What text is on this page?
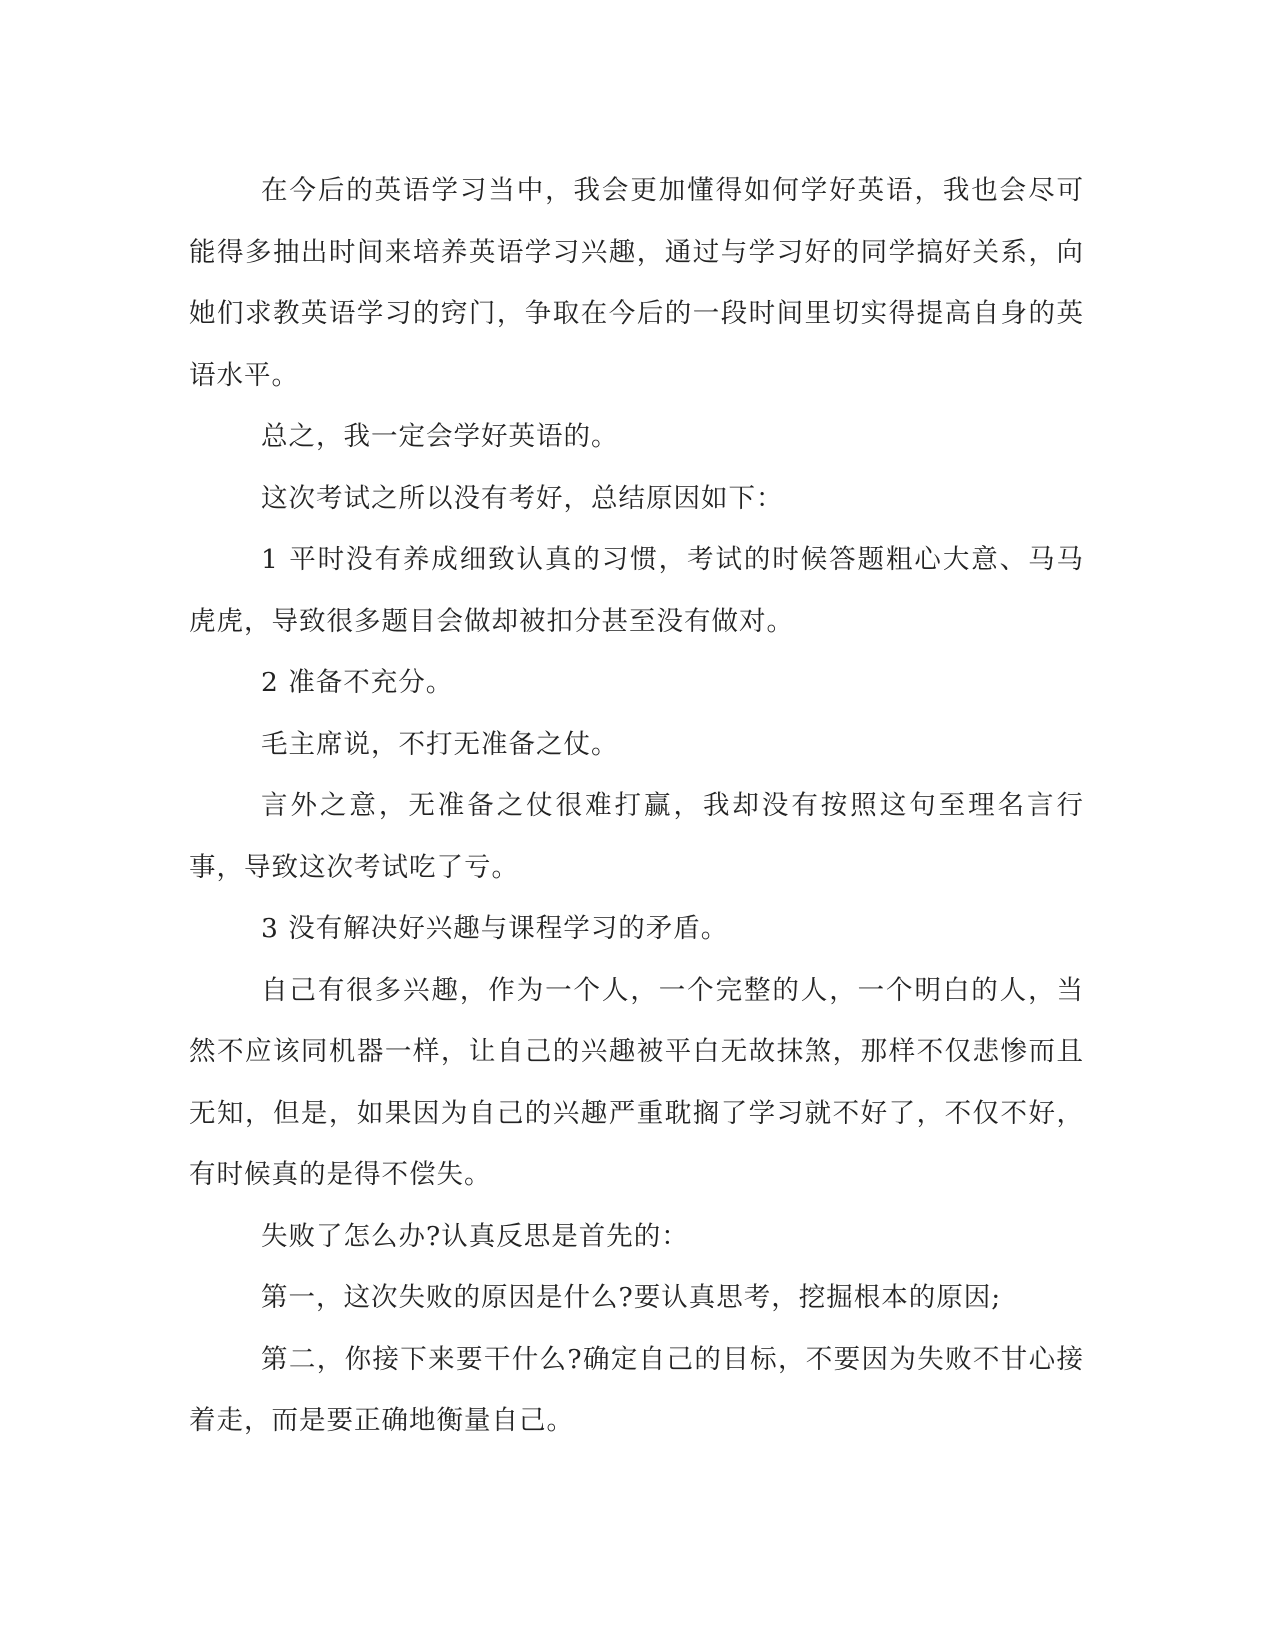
在今后的英语学习当中，我会更加懂得如何学好英语，我也会尽可能得多抽出时间来培养英语学习兴趣，通过与学习好的同学搞好关系，向她们求教英语学习的窍门，争取在今后的一段时间里切实得提高自身的英语水平。

总之，我一定会学好英语的。

这次考试之所以没有考好，总结原因如下：

1 平时没有养成细致认真的习惯，考试的时候答题粗心大意、马马虎虎，导致很多题目会做却被扣分甚至没有做对。

2 准备不充分。

毛主席说，不打无准备之仗。

言外之意，无准备之仗很难打赢，我却没有按照这句至理名言行事，导致这次考试吃了亏。

3 没有解决好兴趣与课程学习的矛盾。

自己有很多兴趣，作为一个人，一个完整的人，一个明白的人，当然不应该同机器一样，让自己的兴趣被平白无故抹煞，那样不仅悲惨而且无知，但是，如果因为自己的兴趣严重耽搁了学习就不好了，不仅不好，有时候真的是得不偿失。

失败了怎么办?认真反思是首先的：

第一，这次失败的原因是什么?要认真思考，挖掘根本的原因;

第二，你接下来要干什么?确定自己的目标，不要因为失败不甘心接着走，而是要正确地衡量自己。
